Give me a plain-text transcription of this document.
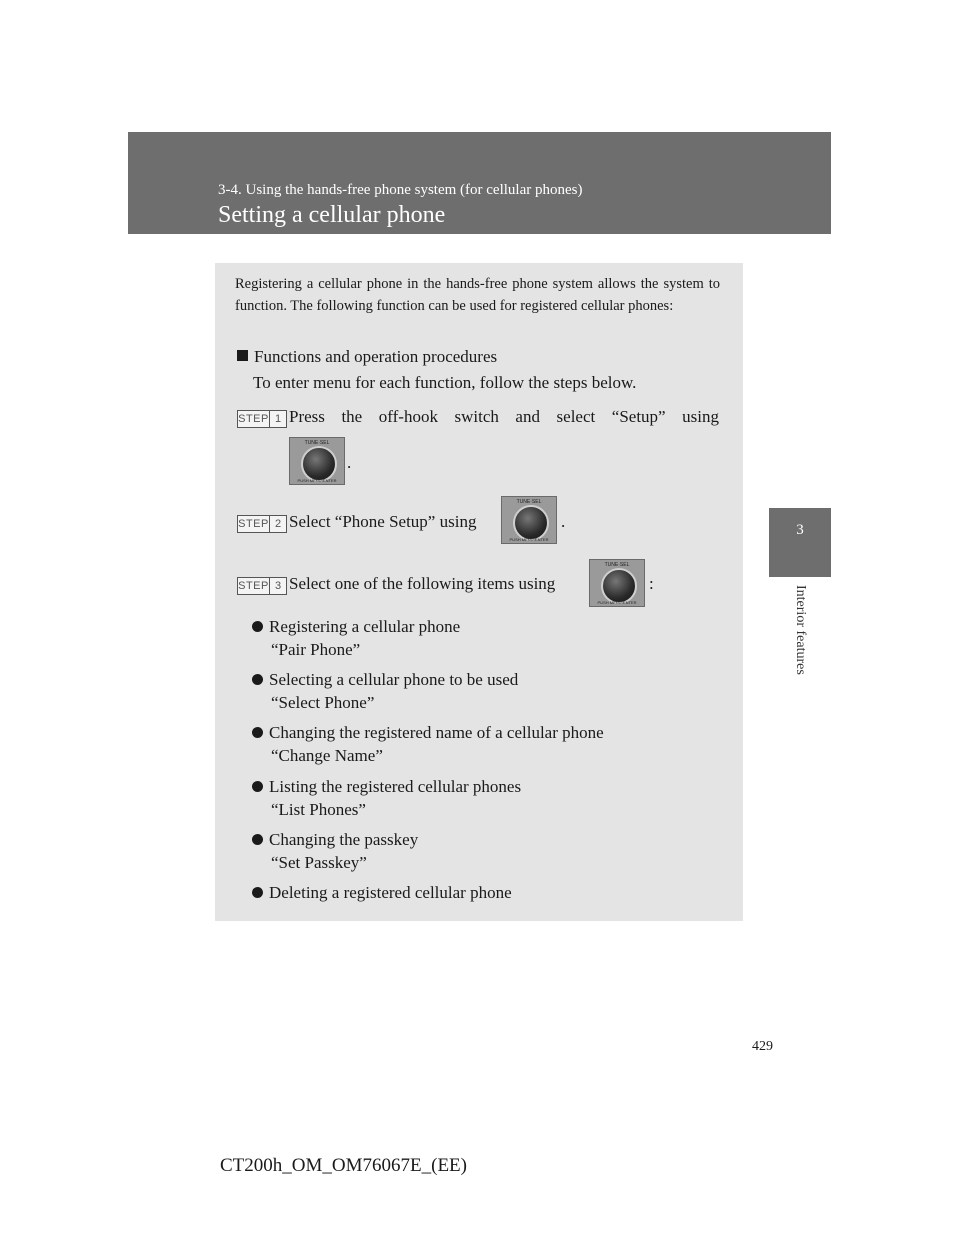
3-4. Using the hands-free phone system (for cellular phones)
Setting a cellular phone
3
Interior features
Registering a cellular phone in the hands-free phone system allows the system to function. The following function can be used for registered cellular phones:
Functions and operation procedures
To enter menu for each function, follow the steps below.
STEP 1 Press the off-hook switch and select “Setup” using
TUNE·SEL
PUSH MENU•ENTER
.
STEP 2 Select “Phone Setup” using
TUNE·SEL
PUSH MENU•ENTER
.
STEP 3 Select one of the following items using
TUNE·SEL
PUSH MENU•ENTER
:
Registering a cellular phone
“Pair Phone”
Selecting a cellular phone to be used
“Select Phone”
Changing the registered name of a cellular phone
“Change Name”
Listing the registered cellular phones
“List Phones”
Changing the passkey
“Set Passkey”
Deleting a registered cellular phone
429
CT200h_OM_OM76067E_(EE)
